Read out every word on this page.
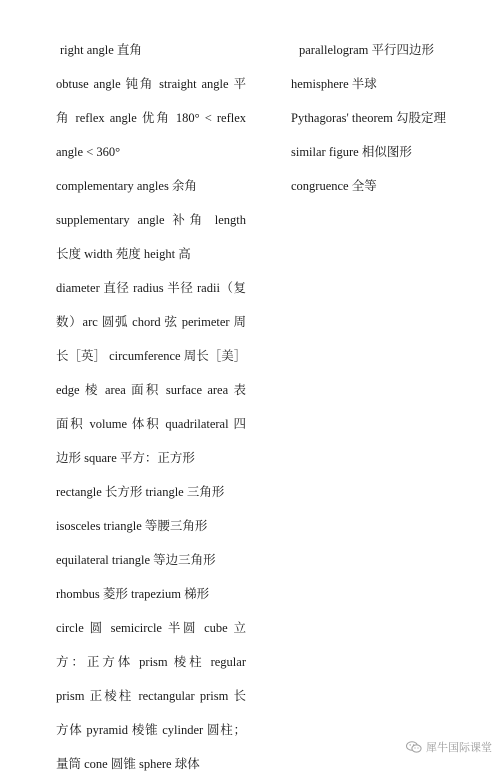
right angle 直角
obtuse angle 钝角 straight angle 平
角 reflex angle 优角 180° < reflex
angle < 360°
complementary angles 余角
supplementary angle 补角 length
长度 width 苑度 height 高
diameter 直径 radius 半径 radii（复
数）arc 圆弧 chord 弦 perimeter 周
长［英］ circumference 周长［美］
edge 棱 area 面积 surface area 表
面积 volume 体积 quadrilateral 四
边形 square 平方：正方形
rectangle 长方形 triangle 三角形
isosceles triangle 等腰三角形
equilateral triangle 等边三角形
rhombus 菱形 trapezium 梯形
circle 圆 semicircle 半圆 cube 立
方：正方体 prism 棱柱 regular
prism 正棱柱 rectangular prism 长
方体 pyramid 棱锥 cylinder 圆柱；
量筒 cone 圆锥 sphere 球体
parallelogram 平行四边形
hemisphere 半球
Pythagoras' theorem 勾股定理
similar figure 相似图形
congruence 全等
犀牛国际课堂
